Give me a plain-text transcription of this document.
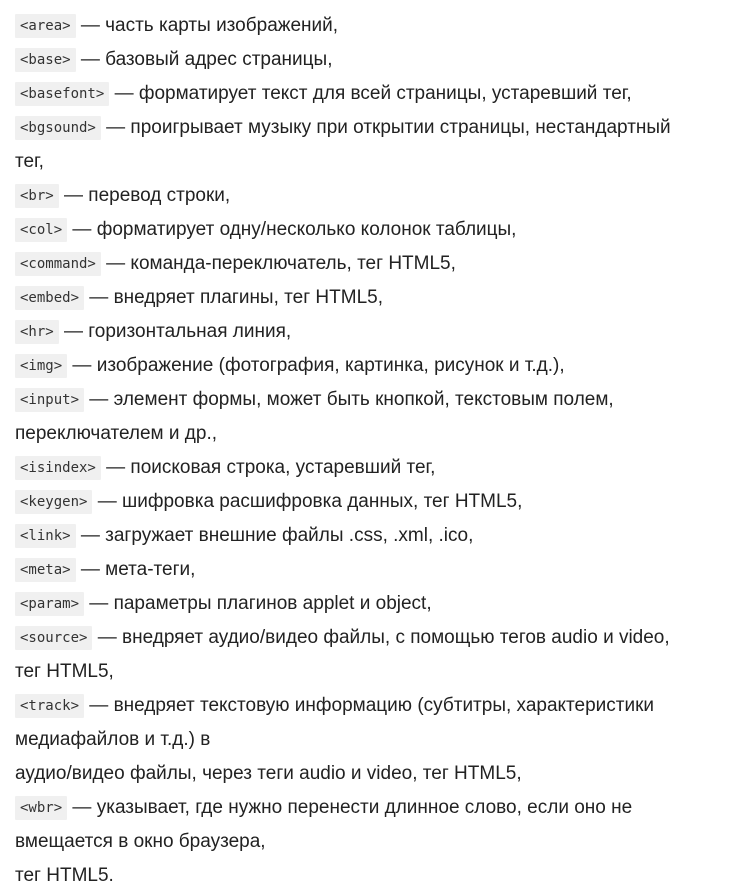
<area> — часть карты изображений,
<base> — базовый адрес страницы,
<basefont> — форматирует текст для всей страницы, устаревший тег,
<bgsound> — проигрывает музыку при открытии страницы, нестандартный
тег,
<br> — перевод строки,
<col> — форматирует одну/несколько колонок таблицы,
<command> — команда-переключатель, тег HTML5,
<embed> — внедряет плагины, тег HTML5,
<hr> — горизонтальная линия,
<img> — изображение (фотография, картинка, рисунок и т.д.),
<input> — элемент формы, может быть кнопкой, текстовым полем,
переключателем и др.,
<isindex> — поисковая строка, устаревший тег,
<keygen> — шифровка расшифровка данных, тег HTML5,
<link> — загружает внешние файлы .css, .xml, .ico,
<meta> — мета-теги,
<param> — параметры плагинов applet и object,
<source> — внедряет аудио/видео файлы, с помощью тегов audio и video,
тег HTML5,
<track> — внедряет текстовую информацию (субтитры, характеристики
медиафайлов и т.д.) в
аудио/видео файлы, через теги audio и video, тег HTML5,
<wbr> — указывает, где нужно перенести длинное слово, если оно не
вмещается в окно браузера,
тег HTML5.
